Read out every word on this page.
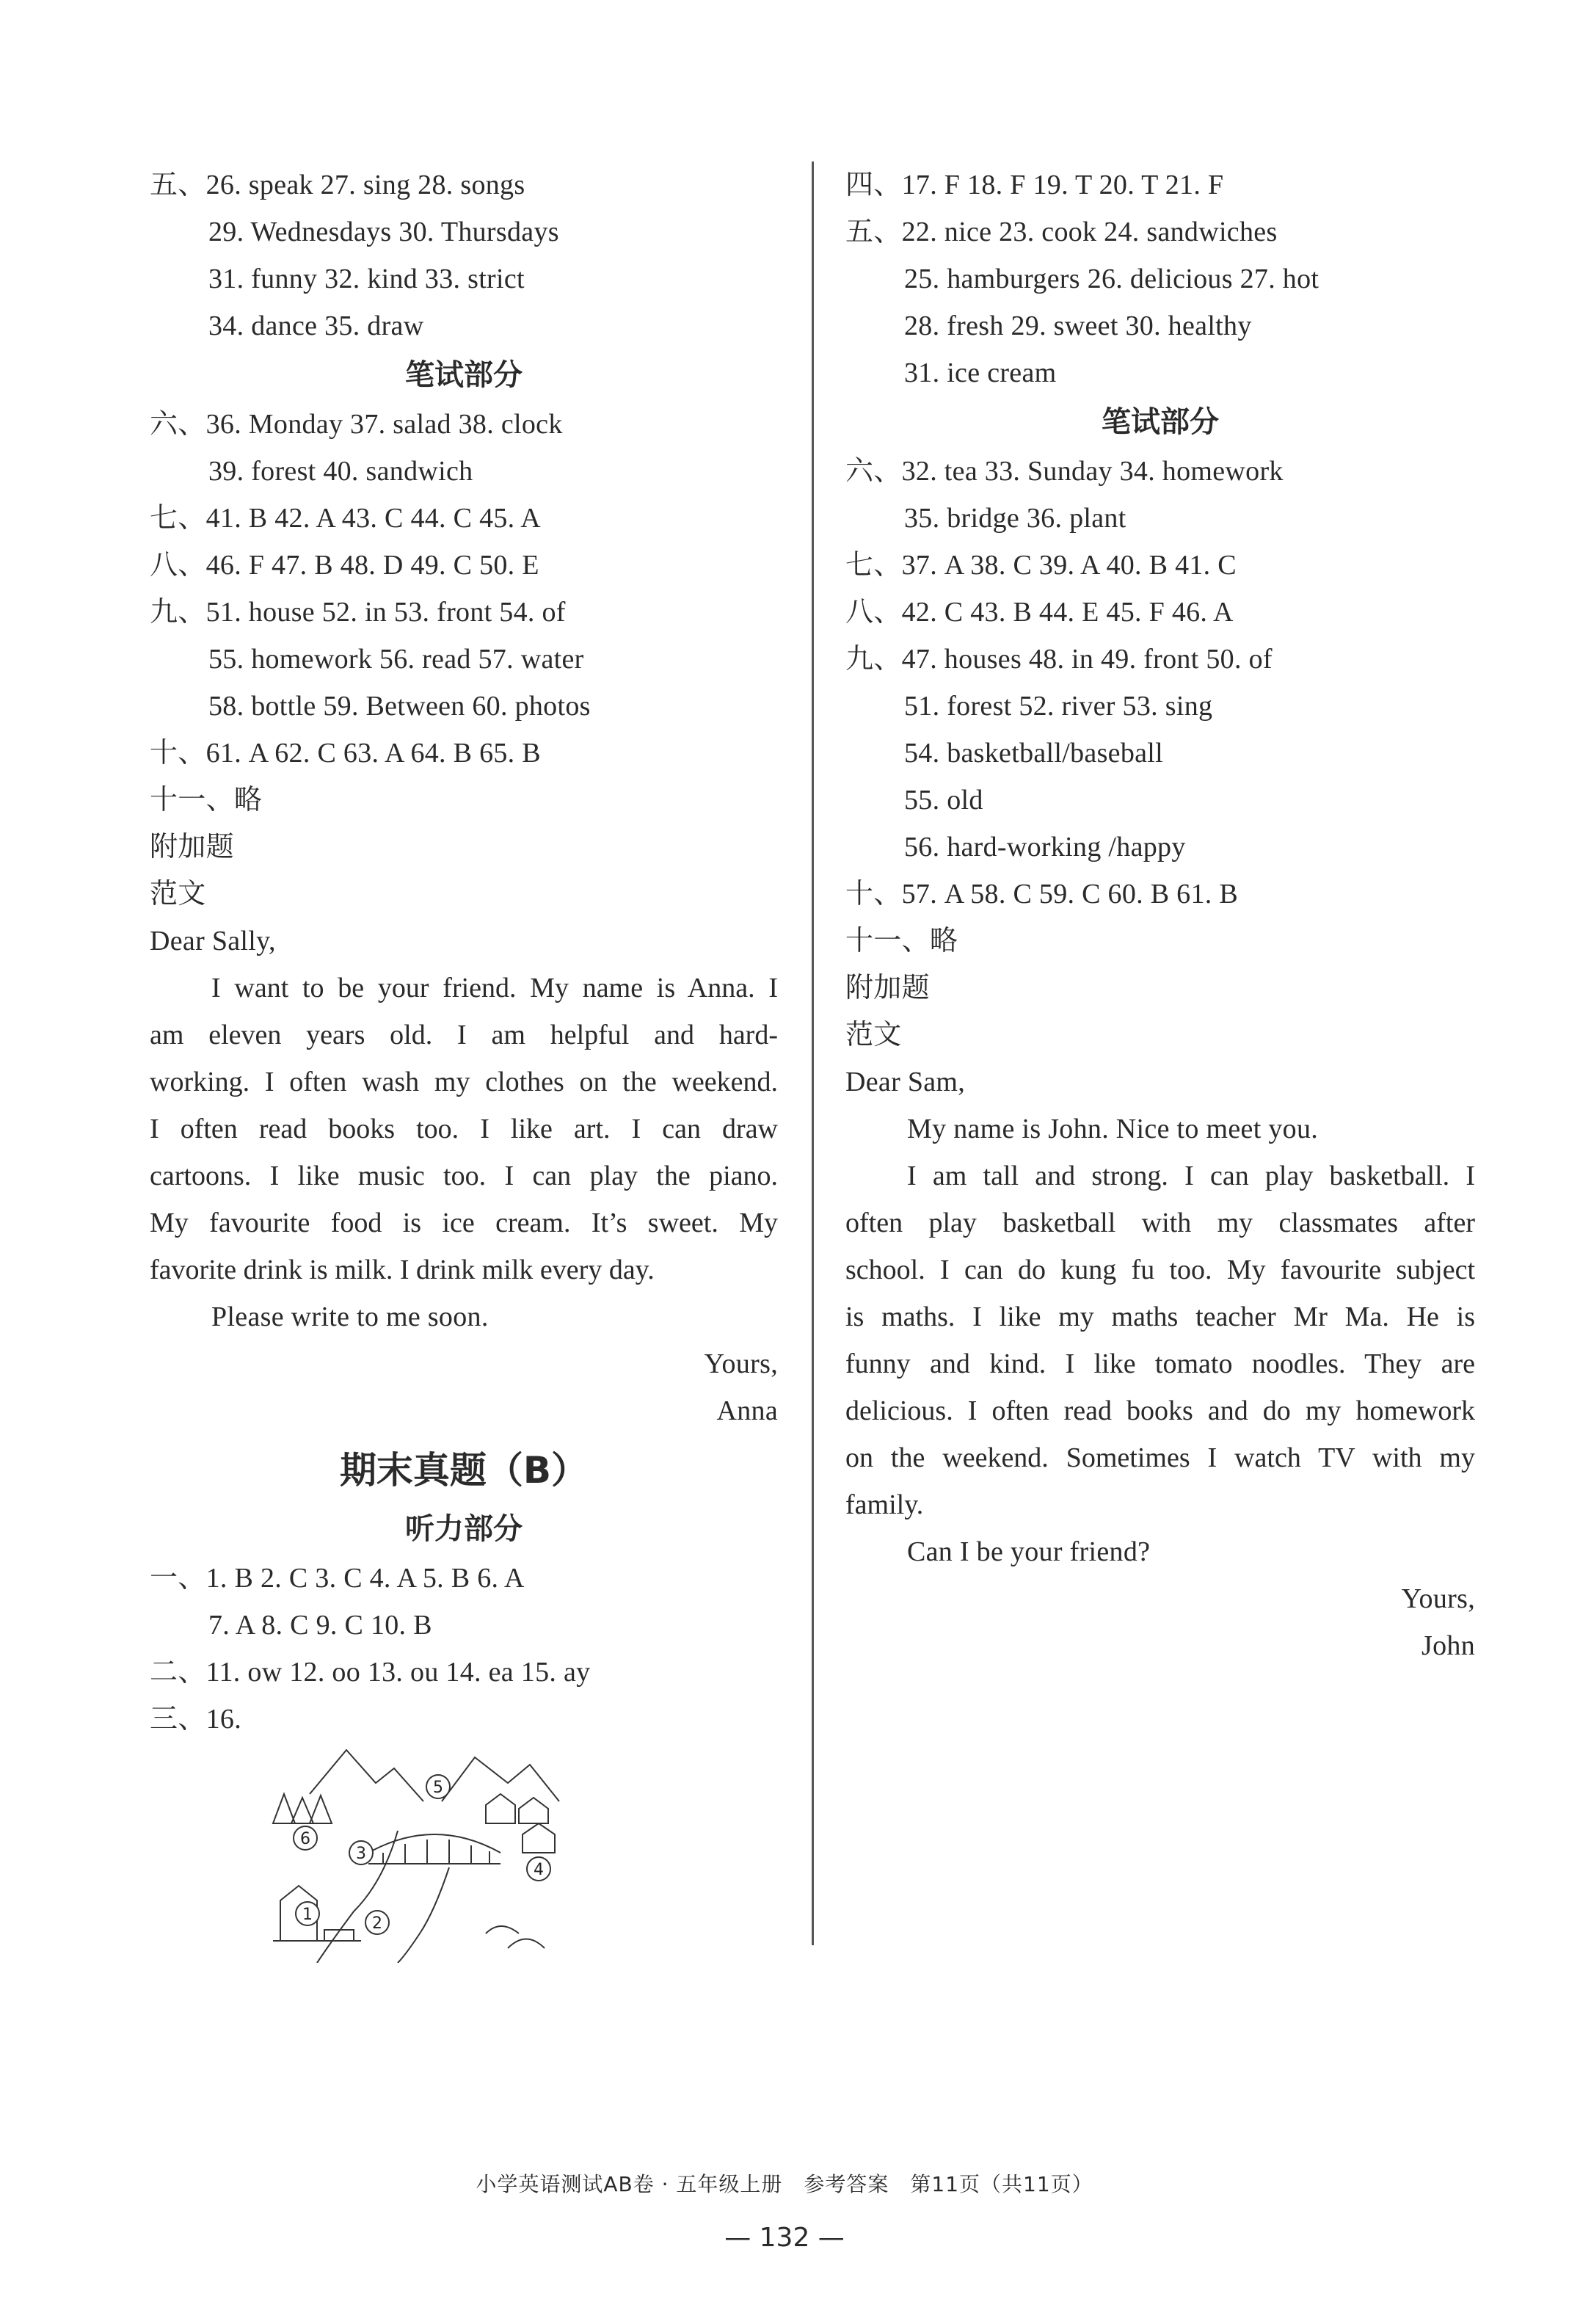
五、26. speak 27. sing 28. songs
29. Wednesdays 30. Thursdays
31. funny 32. kind 33. strict
34. dance 35. draw
笔试部分
六、36. Monday 37. salad 38. clock
39. forest 40. sandwich
七、41. B 42. A 43. C 44. C 45. A
八、46. F 47. B 48. D 49. C 50. E
九、51. house 52. in 53. front 54. of
55. homework 56. read 57. water
58. bottle 59. Between 60. photos
十、61. A 62. C 63. A 64. B 65. B
十一、略
附加题
范文
Dear Sally,
I want to be your friend. My name is Anna. I
am eleven years old. I am helpful and hard-
working. I often wash my clothes on the weekend.
I often read books too. I like art. I can draw
cartoons. I like music too. I can play the piano.
My favourite food is ice cream. It’s sweet. My
favorite drink is milk. I drink milk every day.
Please write to me soon.
Yours,
Anna
期末真题（B）
听力部分
一、1. B 2. C 3. C 4. A 5. B 6. A
7. A 8. C 9. C 10. B
二、11. ow 12. oo 13. ou 14. ea 15. ay
三、16.
1	2
3
4
5
6
四、17. F 18. F 19. T 20. T 21. F
五、22. nice 23. cook 24. sandwiches
25. hamburgers 26. delicious 27. hot
28. fresh 29. sweet 30. healthy
31. ice cream
笔试部分
六、32. tea 33. Sunday 34. homework
35. bridge 36. plant
七、37. A 38. C 39. A 40. B 41. C
八、42. C 43. B 44. E 45. F 46. A
九、47. houses 48. in 49. front 50. of
51. forest 52. river 53. sing
54. basketball/baseball
55. old
56. hard-working /happy
十、57. A 58. C 59. C 60. B 61. B
十一、略
附加题
范文
Dear Sam,
My name is John. Nice to meet you.
I am tall and strong. I can play basketball. I
often play basketball with my classmates after
school. I can do kung fu too. My favourite subject
is maths. I like my maths teacher Mr Ma. He is
funny and kind. I like tomato noodles. They are
delicious. I often read books and do my homework
on the weekend. Sometimes I watch TV with my
family.
Can I be your friend?
Yours,
John
小学英语测试AB卷 · 五年级上册　参考答案　第11页（共11页）
— 132 —
